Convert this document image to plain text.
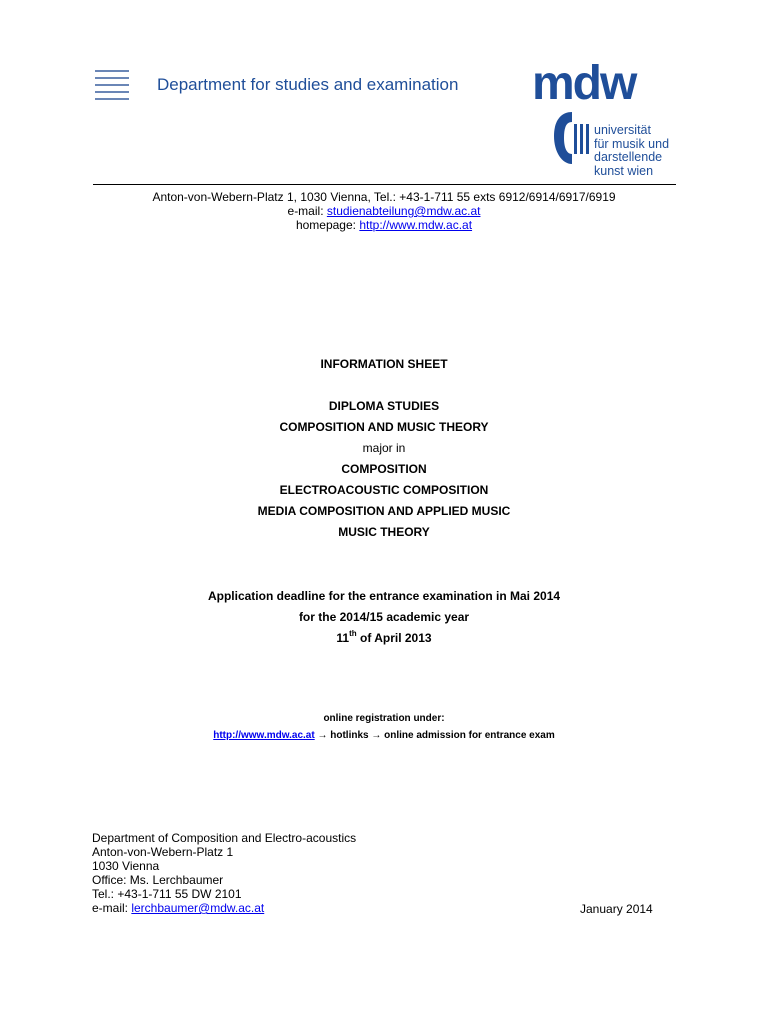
Department for studies and examination mdw
universität
für musik und
darstellende
kunst wien
Anton-von-Webern-Platz 1, 1030 Vienna, Tel.: +43-1-711 55 exts 6912/6914/6917/6919
e-mail: studienabteilung@mdw.ac.at
homepage: http://www.mdw.ac.at
INFORMATION SHEET
DIPLOMA STUDIES
COMPOSITION AND MUSIC THEORY
major in
COMPOSITION
ELECTROACOUSTIC COMPOSITION
MEDIA COMPOSITION AND APPLIED MUSIC
MUSIC THEORY
Application deadline for the entrance examination in Mai 2014
for the 2014/15 academic year
11th of April 2013
online registration under:
http://www.mdw.ac.at → hotlinks → online admission for entrance exam
Department of Composition and Electro-acoustics
Anton-von-Webern-Platz 1
1030 Vienna
Office: Ms. Lerchbaumer
Tel.: +43-1-711 55 DW 2101
e-mail: lerchbaumer@mdw.ac.at	January 2014
